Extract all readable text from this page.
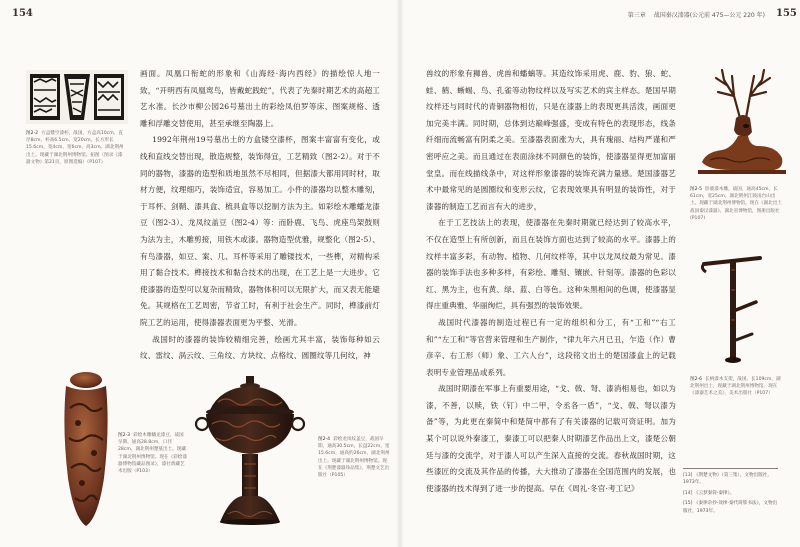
154	第三章 战国秦汉漆器(公元前 475—公元 220 年) 155
图2-2 方盒镂空漆杯，战国，方盒高10cm，直径8cm，杯高6.5cm，宽20cm，长方形长15.6cm，宽4cm，宽6cm，高3cm。湖北荆州出土。现藏于湖北荆州博物馆。拓图（图录《漆器文物》第21页，原图选编）（P107）

画面。凤凰口衔蛇的形象和《山海经·海内西经》的描绘惊人地一致，“开明西有凤凰鸾鸟，皆戴蛇践蛇”，代表了先秦时期艺术的高超工艺水准。长沙市柳公园26号墓出土的彩绘凤伯罗等床、图案规格、透雕和浮雕交替使用，甚至承继至陶器上。

1992年荆州19号墓出土的方盒镂空漆杯，图案丰富富有变化，或线和直线交替出现，散造规整，装饰得宜，工艺精致（图2-2）。对于不同的器物，漆器的造型和质地虽然不尽相同，但据漆大都用同时材，取材方便，纹理细巧，装饰适宜，容易加工。小件的漆器均以整木雕刻，于耳杯、剑鞘、漆具盒、梳具盒等以挖制方法为主。如彩绘木雕蟠龙漆豆（图2-3）、龙凤纹盖豆（图2-4）等：而卧鹿、飞鸟、虎座鸟架鼓则为法为主，木雕剪接，用铁木或漆。器物造型优雅，规整化（图2-5）、有鸟漆器，如豆、案、几、耳杯等采用了雕镂技术，一些榫，对精构采用了黏合技术。榫接技术和黏合技术的出现，在工艺上是一大进步。它使漆器的造型可以复杂而精致，器物体积可以无限扩大，而又表无能避免。其规格在工艺周密，节省工时，有利于社会生产。同时，榫漆前灯院工艺的运用，使得漆器表面更为平整、光滑。

战国时的漆器的装饰较精细完善，绘画尤其丰富，装饰每种如云纹、雷纹、涡云纹、三角纹、方块纹、点格纹、圆圈纹等几何纹，神

图2-3 彩绘木雕蟠龙漆豆，战国早期，通高28.8cm，口径28cm，湖北荆州楚墓出土。现藏于湖北荆州博物馆。现在《彩绘漆器博物馆藏品图录》，漆社典藏艺术出版（P103）
图2-4 彩绘龙凤纹盖豆，战国早期，通高30.5cm，长盘22cm，宽15.6cm，通高约26cm，湖北荆州出土。现藏于湖北荆州博物馆。现在《荆楚漆器珍品集》，荆楚文艺出版社（P105）

兽纹的形象有狮兽、虎兽和蟠螭等。其造纹饰采用虎、鹿、豹、狼、蛇、蛙、鹤、蜥蜴、鸟、孔雀等动物纹样以及写实艺术的宾主样态。楚国早期纹样还与同时代的青铜器物相仿，只是在漆器上的表现更具活泼，画面更加完美丰满。同时期，总体到达巅峰强盛，变成有特色的表现形态，线条纤细而流畅富有阴柔之美。至漆器表面涨为大，具有瑰丽、结构严谨和严密呼应之美。而且通过在表面涂抹不同颜色的装饰，使漆器显得更加富丽堂皇。而在线描线条中，对这样形象漆器的装饰充满力量感。楚国漆器艺术中最常见的是圆圈纹和变形云纹，它表现效果具有明显的装饰性，对于漆器的制造工艺而言有大的进步，

在于工艺技法上的表现，使漆器在先秦时期就已经达到了较高水平，不仅在造型上有所创新，而且在装饰方面也达到了较高的水平。漆器上的纹样丰富多彩，有动物、植物、几何纹样等，其中以龙凤纹最为常见。漆器的装饰手法也多种多样，有彩绘、雕刻、镶嵌、针刻等。漆器的色彩以红、黑为主，也有黄、绿、蓝、白等色。这种朱黑相间的色调，使漆器显得庄重典雅、华丽绚烂，具有强烈的装饰效果。

战国时代漆器的制造过程已有一定的组织和分工，有“工和”“右工和”“左工和”等官营来管理和生产制作，“律九年六月已丑，乍造（作）曹彦辛、右工形（师）象、工六人台”，这段铭文出土的楚国漆盒上的记载表明专业管理品或系列。

战国时期漆在军事上有重要用途，“戈、戟、弩、漆消相易也，如以为漆，不善，以赎，铁（钉）中二甲，令丞各一盾”，“戈、戟、弩以漆为备”等，为此更在秦简中和楚简中都有了有关漆器的记载可资证明。加为某个可以说外秦漆工，秦漆工可以把秦人时期漆艺作品出上文，漆楚公朝廷与漆的交流学，对于漆人可以产生深入直接的交流。春秋战国时期，这些漆匠的交流及其作品的传播，大大推动了漆器在全国范围内的发展，也使漆器的技术得到了进一步的提高。早在《周礼·冬官·考工记》

图2-5 卧鹿漆木雕，战国，通高45cm，长61cm，宽25cm，湖北荆州江陵雨台山出土。现藏于湖北荆州博物馆。现在《湖北出土战国秦汉漆器》，湖北省博物馆，图册出版社 (P107)
图2-6 长柄漆木支架，战国。长109cm，湖北荆州出土，现藏于湖北荆州博物馆。现在《漆器艺术之美》，美术出版社（P107）
[13] 《荆楚文物》（第三集），文物出版社，1973年。
[14] 《云梦秦简·秦律》。
[15] 《秦律杂抄·效律·秦代简牍书法》，文物出版社，1973年。
